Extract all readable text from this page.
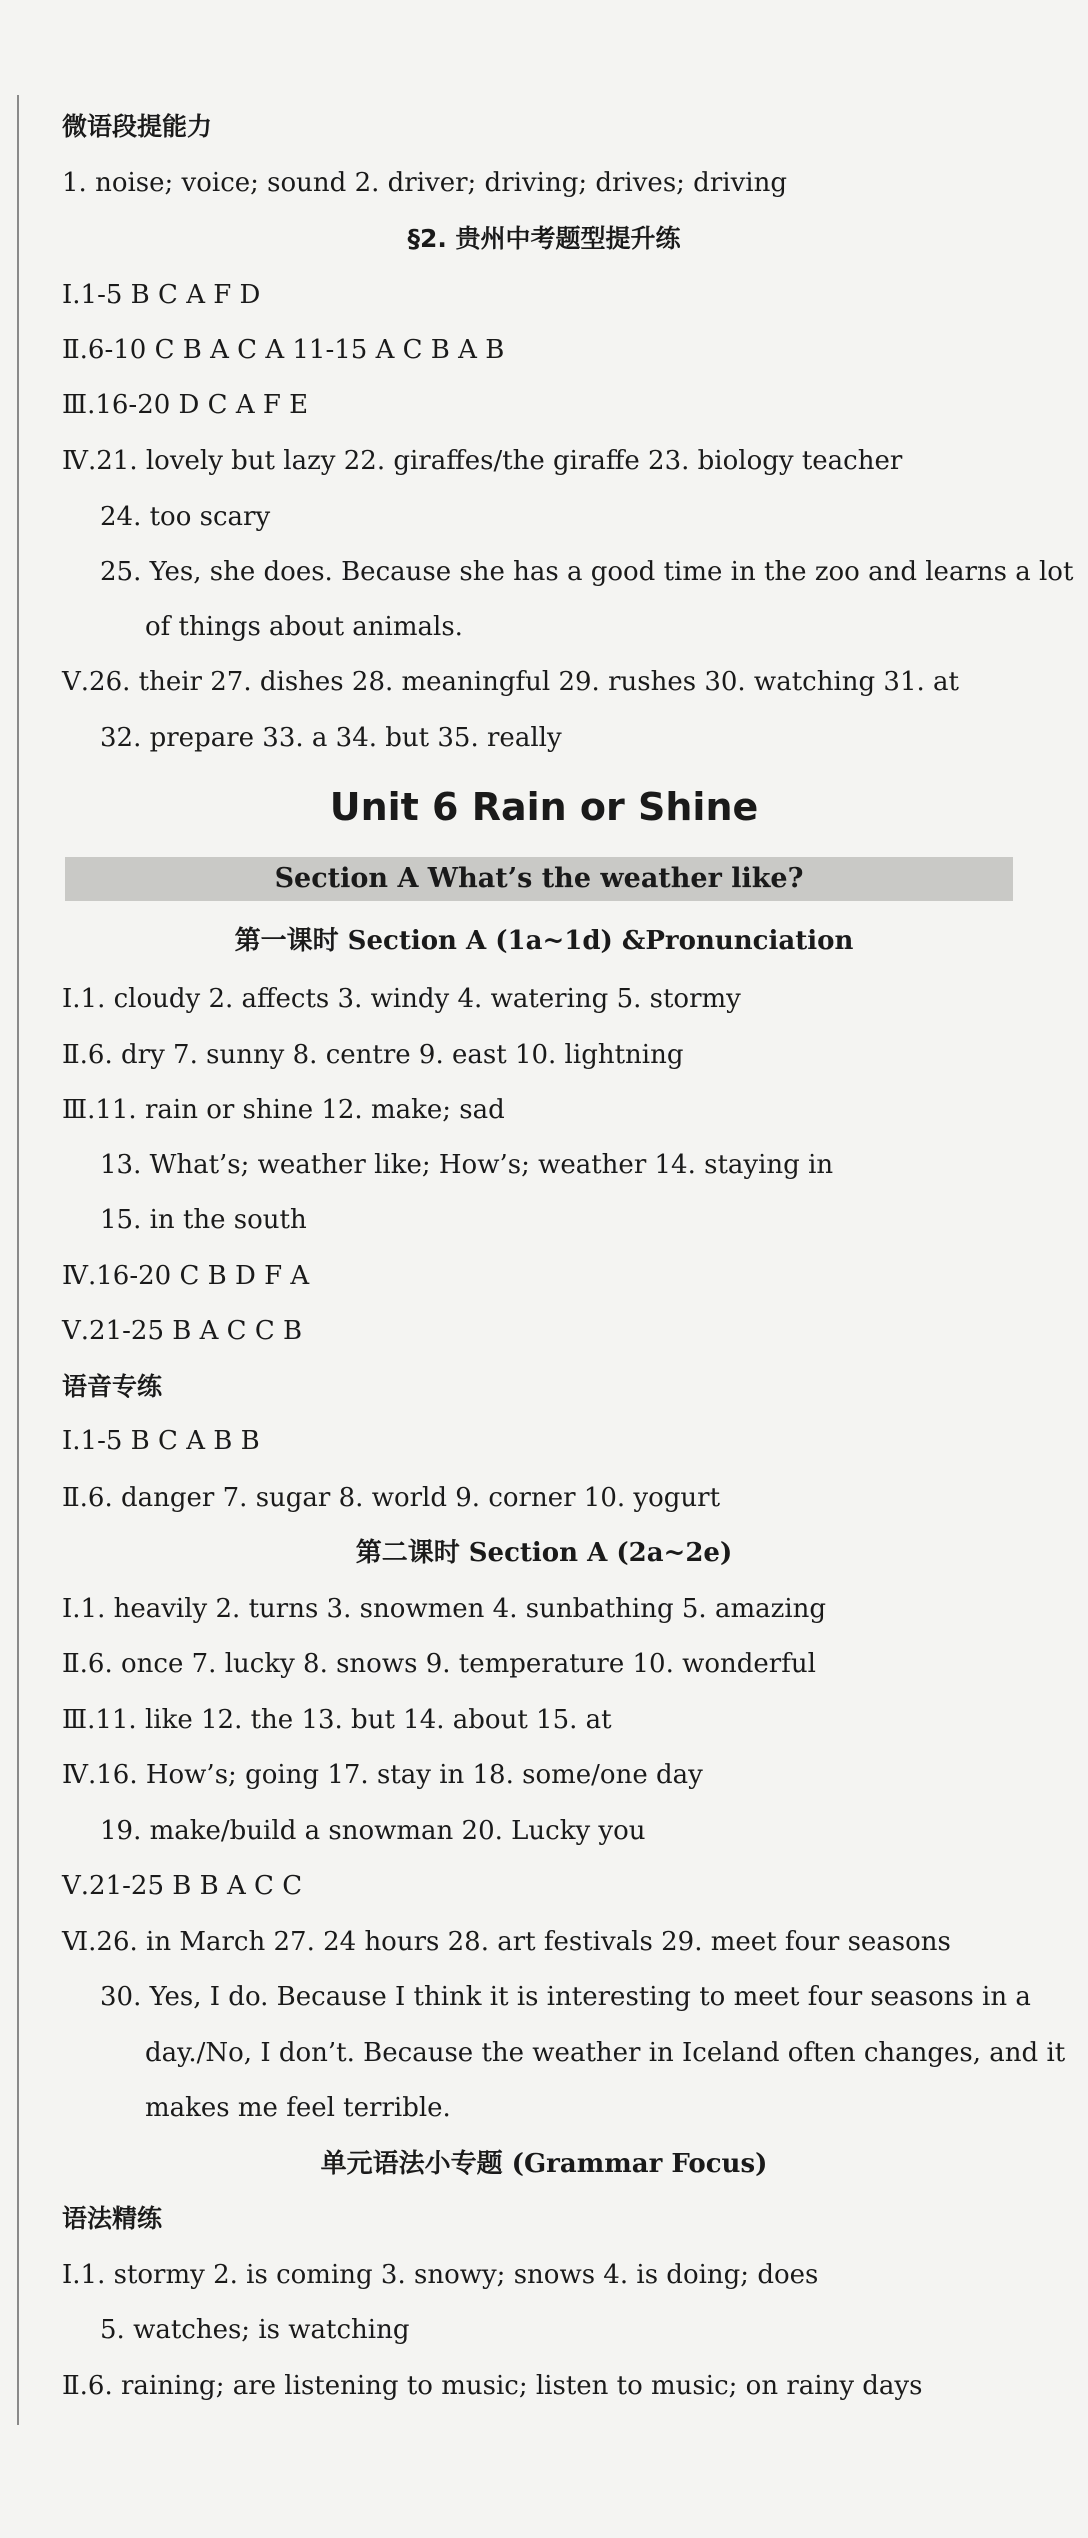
微语段提能力
1. noise; voice; sound 2. driver; driving; drives; driving
§2. 贵州中考题型提升练
Ⅰ.1-5 B C A F D
Ⅱ.6-10 C B A C A 11-15 A C B A B
Ⅲ.16-20 D C A F E
Ⅳ.21. lovely but lazy 22. giraffes/the giraffe 23. biology teacher
24. too scary
25. Yes, she does. Because she has a good time in the zoo and learns a lot
of things about animals.
Ⅴ.26. their 27. dishes 28. meaningful 29. rushes 30. watching 31. at
32. prepare 33. a 34. but 35. really
Unit 6 Rain or Shine
Section A What’s the weather like?
第一课时 Section A (1a~1d) &Pronunciation
Ⅰ.1. cloudy 2. affects 3. windy 4. watering 5. stormy
Ⅱ.6. dry 7. sunny 8. centre 9. east 10. lightning
Ⅲ.11. rain or shine 12. make; sad
13. What’s; weather like; How’s; weather 14. staying in
15. in the south
Ⅳ.16-20 C B D F A
Ⅴ.21-25 B A C C B
语音专练
Ⅰ.1-5 B C A B B
Ⅱ.6. danger 7. sugar 8. world 9. corner 10. yogurt
第二课时 Section A (2a~2e)
Ⅰ.1. heavily 2. turns 3. snowmen 4. sunbathing 5. amazing
Ⅱ.6. once 7. lucky 8. snows 9. temperature 10. wonderful
Ⅲ.11. like 12. the 13. but 14. about 15. at
Ⅳ.16. How’s; going 17. stay in 18. some/one day
19. make/build a snowman 20. Lucky you
Ⅴ.21-25 B B A C C
Ⅵ.26. in March 27. 24 hours 28. art festivals 29. meet four seasons
30. Yes, I do. Because I think it is interesting to meet four seasons in a
day./No, I don’t. Because the weather in Iceland often changes, and it
makes me feel terrible.
单元语法小专题 (Grammar Focus)
语法精练
Ⅰ.1. stormy 2. is coming 3. snowy; snows 4. is doing; does
5. watches; is watching
Ⅱ.6. raining; are listening to music; listen to music; on rainy days
